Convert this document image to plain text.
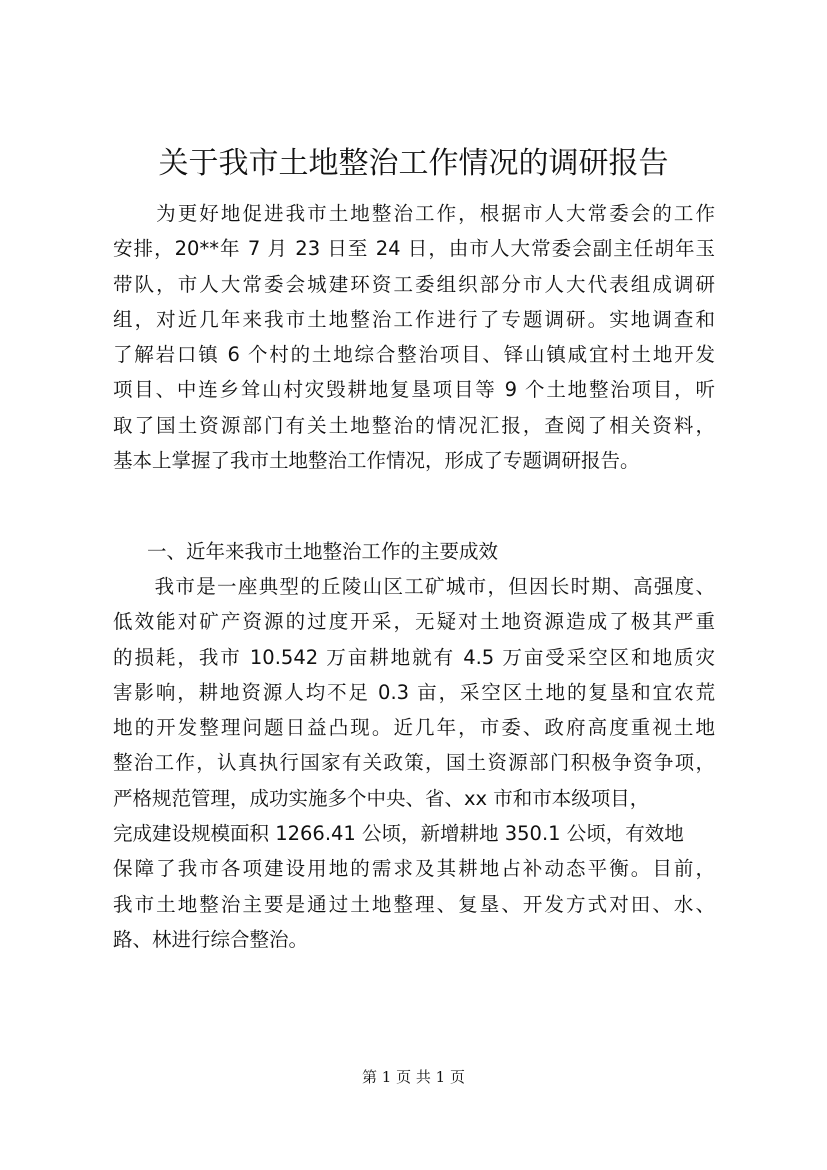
关于我市土地整治工作情况的调研报告
　　为更好地促进我市土地整治工作，根据市人大常委会的工作
安排，20**年 7 月 23 日至 24 日，由市人大常委会副主任胡年玉
带队，市人大常委会城建环资工委组织部分市人大代表组成调研
组，对近几年来我市土地整治工作进行了专题调研。实地调查和
了解岩口镇 6 个村的土地综合整治项目、铎山镇咸宜村土地开发
项目、中连乡耸山村灾毁耕地复垦项目等 9 个土地整治项目，听
取了国土资源部门有关土地整治的情况汇报，查阅了相关资料，
基本上掌握了我市土地整治工作情况，形成了专题调研报告。
一、近年来我市土地整治工作的主要成效
　　我市是一座典型的丘陵山区工矿城市，但因长时期、高强度、
低效能对矿产资源的过度开采，无疑对土地资源造成了极其严重
的损耗，我市 10.542 万亩耕地就有 4.5 万亩受采空区和地质灾
害影响，耕地资源人均不足 0.3 亩，采空区土地的复垦和宜农荒
地的开发整理问题日益凸现。近几年，市委、政府高度重视土地
整治工作，认真执行国家有关政策，国土资源部门积极争资争项，
严格规范管理，成功实施多个中央、省、xx 市和市本级项目，
完成建设规模面积 1266.41 公顷，新增耕地 350.1 公顷，有效地
保障了我市各项建设用地的需求及其耕地占补动态平衡。目前，
我市土地整治主要是通过土地整理、复垦、开发方式对田、水、
路、林进行综合整治。
第 1 页 共 1 页
